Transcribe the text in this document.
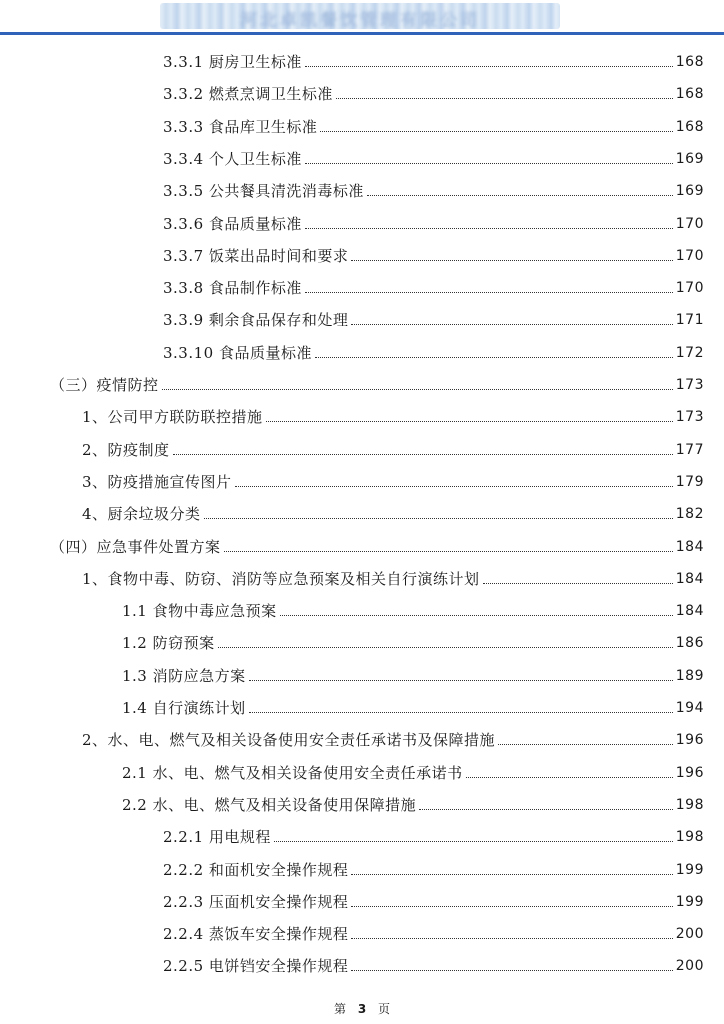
河北卓凯餐饮管理有限公司
3.3.1 厨房卫生标准	168
3.3.2 燃煮烹调卫生标准	168
3.3.3 食品库卫生标准	168
3.3.4 个人卫生标准	169
3.3.5 公共餐具清洗消毒标准	169
3.3.6 食品质量标准	170
3.3.7 饭菜出品时间和要求	170
3.3.8 食品制作标准	170
3.3.9 剩余食品保存和处理	171
3.3.10 食品质量标准	172
（三）疫情防控	173
1、公司甲方联防联控措施	173
2、防疫制度	177
3、防疫措施宣传图片	179
4、厨余垃圾分类	182
（四）应急事件处置方案	184
1、食物中毒、防窃、消防等应急预案及相关自行演练计划	184
1.1 食物中毒应急预案	184
1.2 防窃预案	186
1.3 消防应急方案	189
1.4 自行演练计划	194
2、水、电、燃气及相关设备使用安全责任承诺书及保障措施	196
2.1 水、电、燃气及相关设备使用安全责任承诺书	196
2.2 水、电、燃气及相关设备使用保障措施	198
2.2.1 用电规程	198
2.2.2 和面机安全操作规程	199
2.2.3 压面机安全操作规程	199
2.2.4 蒸饭车安全操作规程	200
2.2.5 电饼铛安全操作规程	200
第 3 页
